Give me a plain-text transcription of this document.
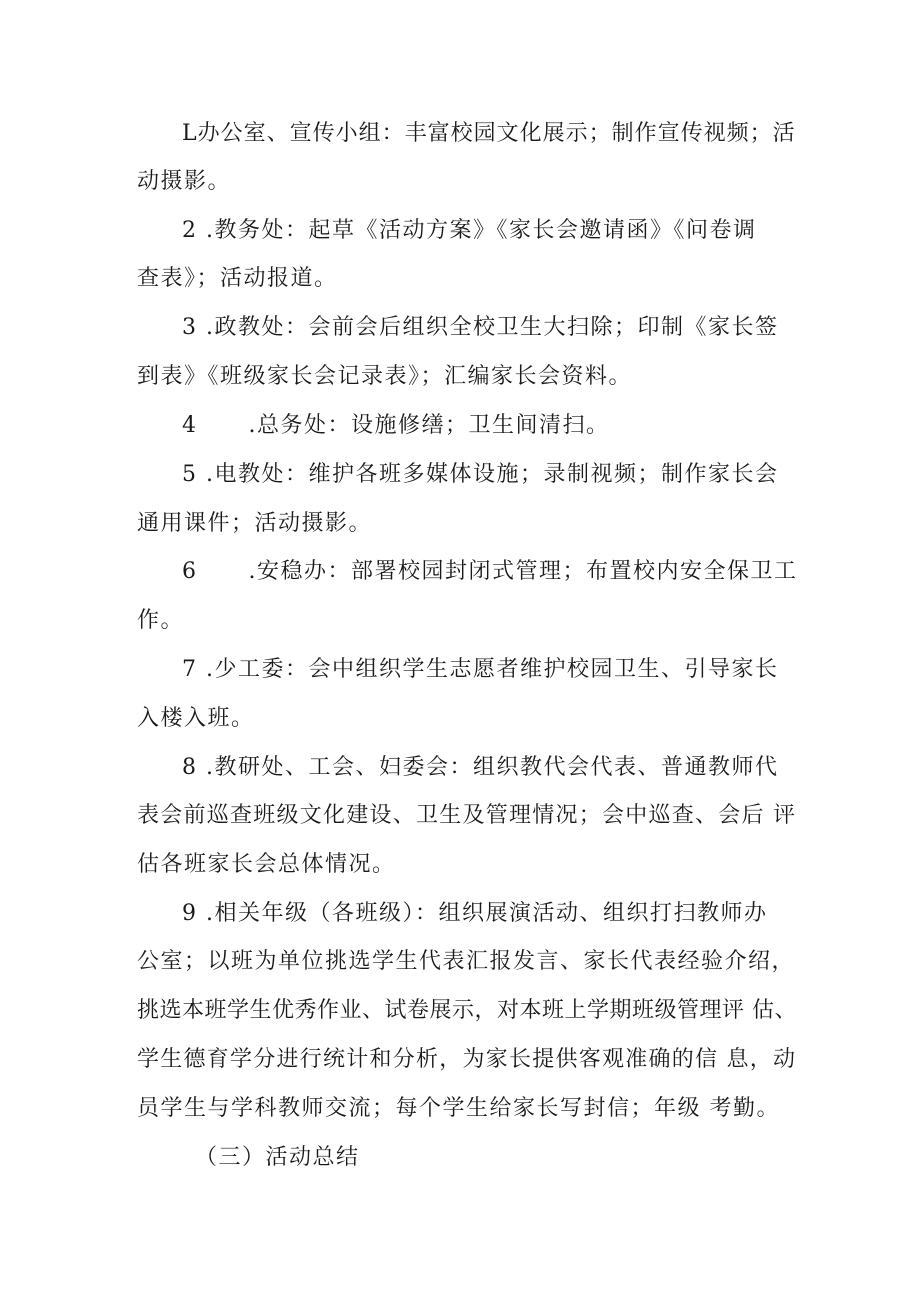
L办公室、宣传小组：丰富校园文化展示；制作宣传视频；活
动摄影。
2 .教务处：起草《活动方案》《家长会邀请函》《问卷调
查表》；活动报道。
3 .政教处：会前会后组织全校卫生大扫除；印制《家长签
到表》《班级家长会记录表》；汇编家长会资料。
4      .总务处：设施修缮；卫生间清扫。
5 .电教处：维护各班多媒体设施；录制视频；制作家长会
通用课件；活动摄影。
6      .安稳办：部署校园封闭式管理；布置校内安全保卫工
作。
7 .少工委：会中组织学生志愿者维护校园卫生、引导家长
入楼入班。
8 .教研处、工会、妇委会：组织教代会代表、普通教师代
表会前巡查班级文化建设、卫生及管理情况；会中巡查、会后 评
估各班家长会总体情况。
9 .相关年级（各班级）：组织展演活动、组织打扫教师办
公室；以班为单位挑选学生代表汇报发言、家长代表经验介绍，
挑选本班学生优秀作业、试卷展示，对本班上学期班级管理评 估、
学生德育学分进行统计和分析，为家长提供客观准确的信 息，动
员学生与学科教师交流；每个学生给家长写封信；年级 考勤。
（三）活动总结
